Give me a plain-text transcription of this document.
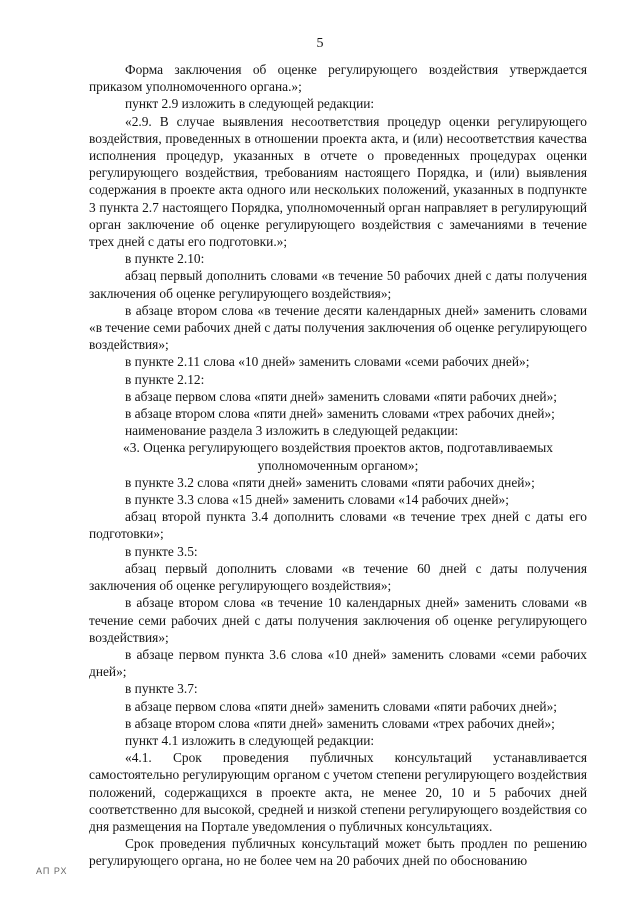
5

Форма заключения об оценке регулирующего воздействия утверждается приказом уполномоченного органа.»;

пункт 2.9 изложить в следующей редакции:

«2.9. В случае выявления несоответствия процедур оценки регулирующего воздействия, проведенных в отношении проекта акта, и (или) несоответствия качества исполнения процедур, указанных в отчете о проведенных процедурах оценки регулирующего воздействия, требованиям настоящего Порядка, и (или) выявления содержания в проекте акта одного или нескольких положений, указанных в подпункте 3 пункта 2.7 настоящего Порядка, уполномоченный орган направляет в регулирующий орган заключение об оценке регулирующего воздействия с замечаниями в течение трех дней с даты его подготовки.»;

в пункте 2.10:

абзац первый дополнить словами «в течение 50 рабочих дней с даты получения заключения об оценке регулирующего воздействия»;

в абзаце втором слова «в течение десяти календарных дней» заменить словами «в течение семи рабочих дней с даты получения заключения об оценке регулирующего воздействия»;

в пункте 2.11 слова «10 дней» заменить словами «семи рабочих дней»;

в пункте 2.12:

в абзаце первом слова «пяти дней» заменить словами «пяти рабочих дней»;

в абзаце втором слова «пяти дней» заменить словами «трех рабочих дней»;

наименование раздела 3 изложить в следующей редакции:

«3. Оценка регулирующего воздействия проектов актов, подготавливаемых уполномоченным органом»;

в пункте 3.2 слова «пяти дней» заменить словами «пяти рабочих дней»;

в пункте 3.3 слова «15 дней» заменить словами «14 рабочих дней»;

абзац второй пункта 3.4 дополнить словами «в течение трех дней с даты его подготовки»;

в пункте 3.5:

абзац первый дополнить словами «в течение 60 дней с даты получения заключения об оценке регулирующего воздействия»;

в абзаце втором слова «в течение 10 календарных дней» заменить словами «в течение семи рабочих дней с даты получения заключения об оценке регулирующего воздействия»;

в абзаце первом пункта 3.6 слова «10 дней» заменить словами «семи рабочих дней»;

в пункте 3.7:

в абзаце первом слова «пяти дней» заменить словами «пяти рабочих дней»;

в абзаце втором слова «пяти дней» заменить словами «трех рабочих дней»;

пункт 4.1 изложить в следующей редакции:

«4.1. Срок проведения публичных консультаций устанавливается самостоятельно регулирующим органом с учетом степени регулирующего воздействия положений, содержащихся в проекте акта, не менее 20, 10 и 5 рабочих дней соответственно для высокой, средней и низкой степени регулирующего воздействия со дня размещения на Портале уведомления о публичных консультациях.

Срок проведения публичных консультаций может быть продлен по решению регулирующего органа, но не более чем на 20 рабочих дней по обоснованию

АП РХ
